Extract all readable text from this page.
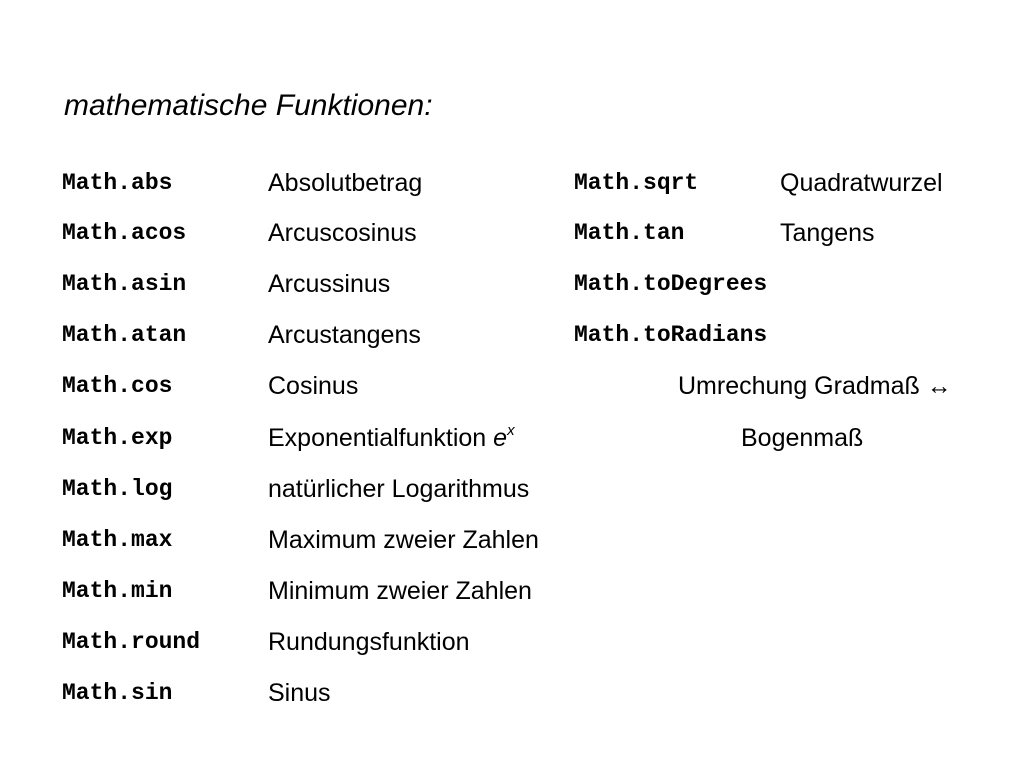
mathematische Funktionen:
Math.abs	Absolutbetrag
Math.acos	Arcuscosinus
Math.asin	Arcussinus
Math.atan	Arcustangens
Math.cos	Cosinus
Math.exp	Exponentialfunktion $e^x$
Math.log	natürlicher Logarithmus
Math.max	Maximum zweier Zahlen
Math.min	Minimum zweier Zahlen
Math.round	Rundungsfunktion
Math.sin	Sinus
Math.sqrt	Quadratwurzel
Math.tan	Tangens
Math.toDegrees
Math.toRadians
Umrechung Gradmaß ↔
Bogenmaß
